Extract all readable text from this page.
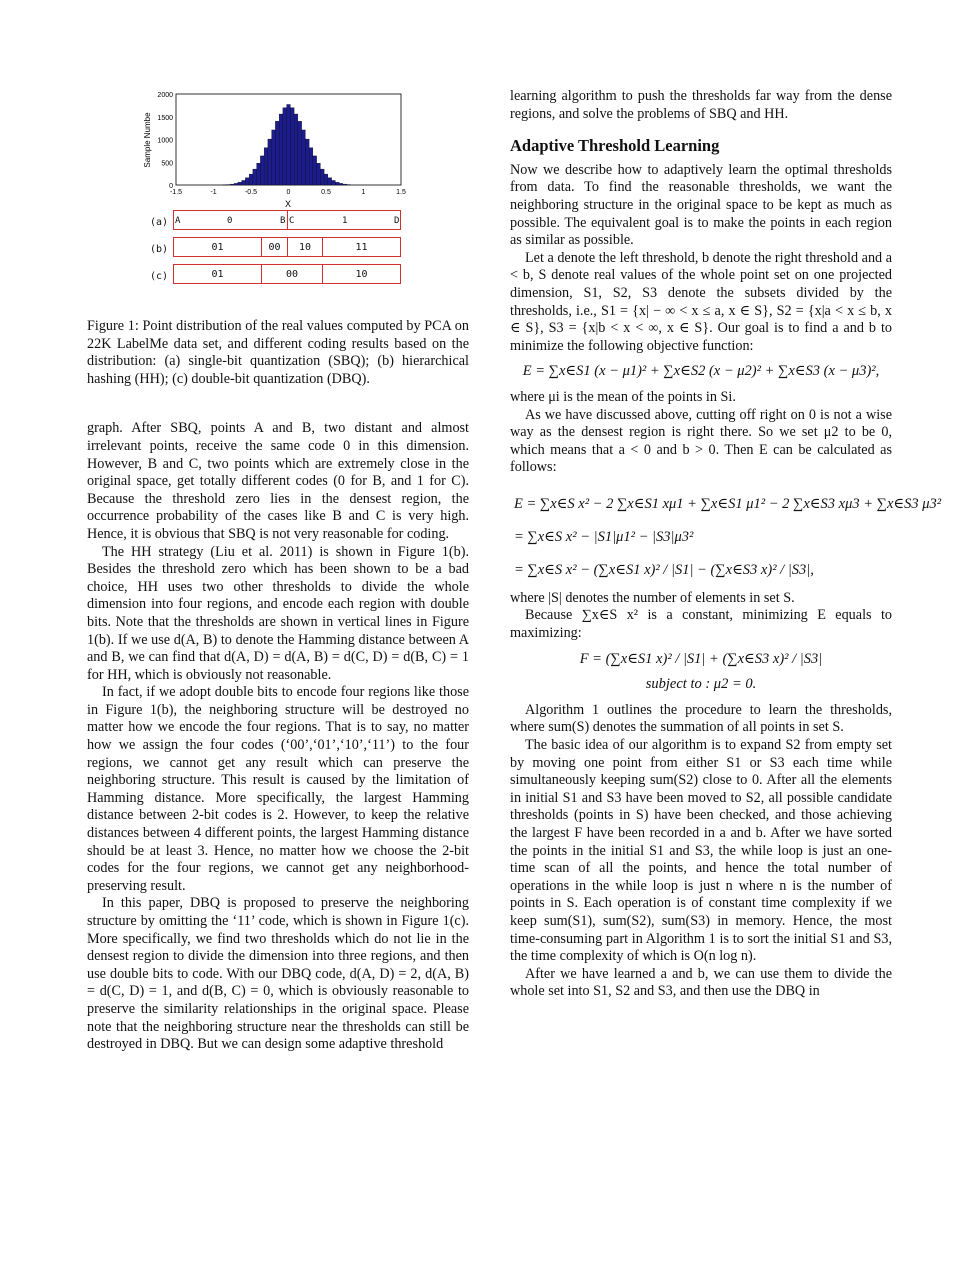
-1.5	-1	-0.5	0	0.5	1	1.5
0
500
1000
1500
2000
X
Sample Numbe
(a) A	0	B C	1	D
(b)	01	00	10	11
(c)	01	00	10

Figure 1: Point distribution of the real values computed by PCA on 22K LabelMe data set, and different coding results based on the distribution: (a) single-bit quantization (SBQ); (b) hierarchical hashing (HH); (c) double-bit quantization (DBQ).

graph. After SBQ, points A and B, two distant and almost irrelevant points, receive the same code 0 in this dimension. However, B and C, two points which are extremely close in the original space, get totally different codes (0 for B, and 1 for C). Because the threshold zero lies in the densest region, the occurrence probability of the cases like B and C is very high. Hence, it is obvious that SBQ is not very reasonable for coding.

The HH strategy (Liu et al. 2011) is shown in Figure 1(b). Besides the threshold zero which has been shown to be a bad choice, HH uses two other thresholds to divide the whole dimension into four regions, and encode each region with double bits. Note that the thresholds are shown in vertical lines in Figure 1(b). If we use d(A, B) to denote the Hamming distance between A and B, we can find that d(A, D) = d(A, B) = d(C, D) = d(B, C) = 1 for HH, which is obviously not reasonable.

In fact, if we adopt double bits to encode four regions like those in Figure 1(b), the neighboring structure will be destroyed no matter how we encode the four regions. That is to say, no matter how we assign the four codes (‘00’,‘01’,‘10’,‘11’) to the four regions, we cannot get any result which can preserve the neighboring structure. This result is caused by the limitation of Hamming distance. More specifically, the largest Hamming distance between 2-bit codes is 2. However, to keep the relative distances between 4 different points, the largest Hamming distance should be at least 3. Hence, no matter how we choose the 2-bit codes for the four regions, we cannot get any neighborhood-preserving result.

In this paper, DBQ is proposed to preserve the neighboring structure by omitting the ‘11’ code, which is shown in Figure 1(c). More specifically, we find two thresholds which do not lie in the densest region to divide the dimension into three regions, and then use double bits to code. With our DBQ code, d(A, D) = 2, d(A, B) = d(C, D) = 1, and d(B, C) = 0, which is obviously reasonable to preserve the similarity relationships in the original space. Please note that the neighboring structure near the thresholds can still be destroyed in DBQ. But we can design some adaptive threshold

learning algorithm to push the thresholds far way from the dense regions, and solve the problems of SBQ and HH.

Adaptive Threshold Learning

Now we describe how to adaptively learn the optimal thresholds from data. To find the reasonable thresholds, we want the neighboring structure in the original space to be kept as much as possible. The equivalent goal is to make the points in each region as similar as possible.

Let a denote the left threshold, b denote the right threshold and a < b, S denote real values of the whole point set on one projected dimension, S1, S2, S3 denote the subsets divided by the thresholds, i.e., S1 = {x| − ∞ < x ≤ a, x ∈ S}, S2 = {x|a < x ≤ b, x ∈ S}, S3 = {x|b < x < ∞, x ∈ S}. Our goal is to find a and b to minimize the following objective function:

E = ∑x∈S1 (x − μ1)² + ∑x∈S2 (x − μ2)² + ∑x∈S3 (x − μ3)²,

where μi is the mean of the points in Si.

As we have discussed above, cutting off right on 0 is not a wise way as the densest region is right there. So we set μ2 to be 0, which means that a < 0 and b > 0. Then E can be calculated as follows:

E = ∑x∈S x² − 2 ∑x∈S1 xμ1 + ∑x∈S1 μ1² − 2 ∑x∈S3 xμ3 + ∑x∈S3 μ3²
= ∑x∈S x² − |S1|μ1² − |S3|μ3²
= ∑x∈S x² − (∑x∈S1 x)² / |S1| − (∑x∈S3 x)² / |S3|,

where |S| denotes the number of elements in set S.

Because ∑x∈S x² is a constant, minimizing E equals to maximizing:

F = (∑x∈S1 x)² / |S1| + (∑x∈S3 x)² / |S3|
subject to : μ2 = 0.

Algorithm 1 outlines the procedure to learn the thresholds, where sum(S) denotes the summation of all points in set S.

The basic idea of our algorithm is to expand S2 from empty set by moving one point from either S1 or S3 each time while simultaneously keeping sum(S2) close to 0. After all the elements in initial S1 and S3 have been moved to S2, all possible candidate thresholds (points in S) have been checked, and those achieving the largest F have been recorded in a and b. After we have sorted the points in the initial S1 and S3, the while loop is just an one-time scan of all the points, and hence the total number of operations in the while loop is just n where n is the number of points in S. Each operation is of constant time complexity if we keep sum(S1), sum(S2), sum(S3) in memory. Hence, the most time-consuming part in Algorithm 1 is to sort the initial S1 and S3, the time complexity of which is O(n log n).

After we have learned a and b, we can use them to divide the whole set into S1, S2 and S3, and then use the DBQ in
